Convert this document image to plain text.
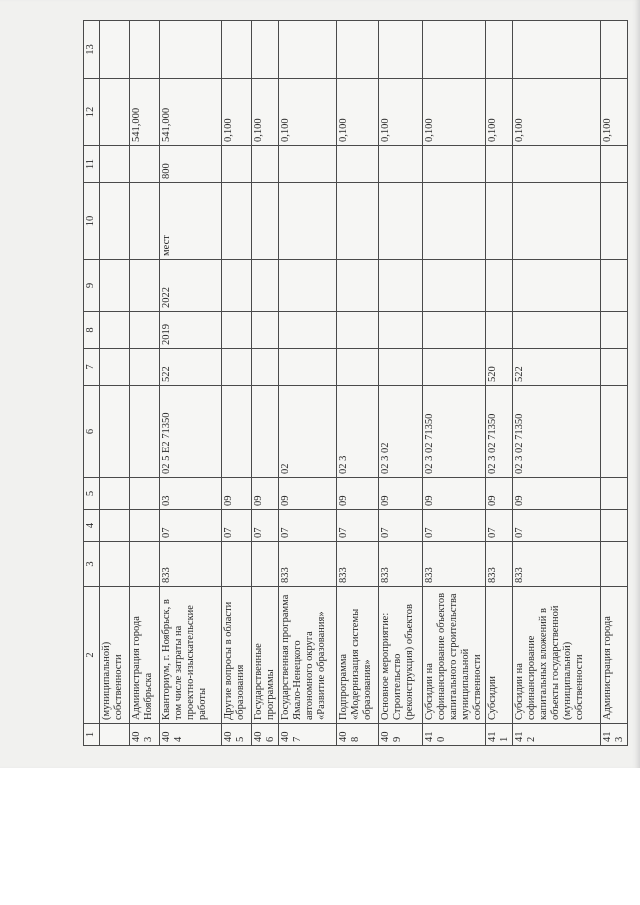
1	2	3	4	5	6	7	8	9	10	11	12	13
	(муниципальной) собственности											
403	Администрация города Ноябрьска										541,000	
404	Кванториум, г. Ноябрьск, в том числе затраты на проектно-изыскательские работы	833	07	03	02 5 E2 71350	522	2019	2022	мест	800	541,000	
405	Другие вопросы в области образования		07	09							0,100	
406	Государственные программы		07	09							0,100	
407	Государственная программа Ямало-Ненецкого автономного округа «Развитие образования»	833	07	09	02						0,100	
408	Подпрограмма «Модернизация системы образования»	833	07	09	02 3						0,100	
409	Основное мероприятие: Строительство (реконструкция) объектов	833	07	09	02 3 02						0,100	
410	Субсидии на софинансирование объектов капитального строительства муниципальной собственности	833	07	09	02 3 02 71350						0,100	
411	Субсидии	833	07	09	02 3 02 71350	520					0,100	
412	Субсидии на софинансирование капитальных вложений в объекты государственной (муниципальной) собственности	833	07	09	02 3 02 71350	522					0,100	
413	Администрация города										0,100	
